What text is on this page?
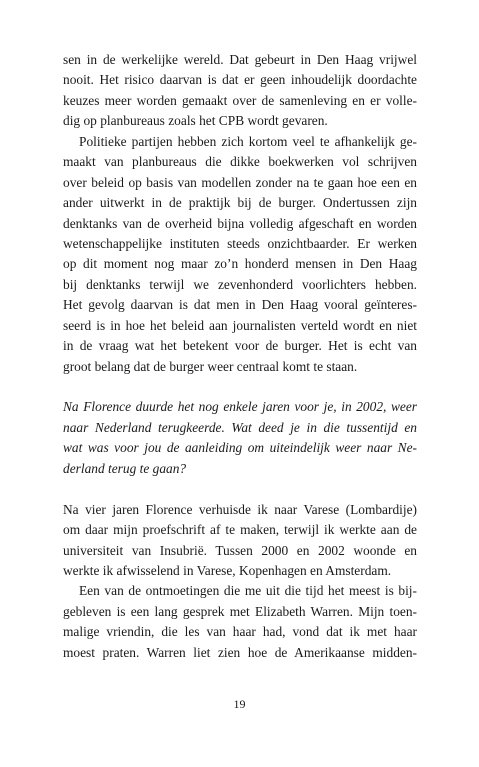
sen in de werkelijke wereld. Dat gebeurt in Den Haag vrijwel
nooit. Het risico daarvan is dat er geen inhoudelijk doordachte
keuzes meer worden gemaakt over de samenleving en er volle-
dig op planbureaus zoals het CPB wordt gevaren.
Politieke partijen hebben zich kortom veel te afhankelijk ge-
maakt van planbureaus die dikke boekwerken vol schrijven
over beleid op basis van modellen zonder na te gaan hoe een en
ander uitwerkt in de praktijk bij de burger. Ondertussen zijn
denktanks van de overheid bijna volledig afgeschaft en worden
wetenschappelijke instituten steeds onzichtbaarder. Er werken
op dit moment nog maar zo’n honderd mensen in Den Haag
bij denktanks terwijl we zevenhonderd voorlichters hebben.
Het gevolg daarvan is dat men in Den Haag vooral geïnteres-
seerd is in hoe het beleid aan journalisten verteld wordt en niet
in de vraag wat het betekent voor de burger. Het is echt van
groot belang dat de burger weer centraal komt te staan.
Na Florence duurde het nog enkele jaren voor je, in 2002, weer
naar Nederland terugkeerde. Wat deed je in die tussentijd en
wat was voor jou de aanleiding om uiteindelijk weer naar Ne-
derland terug te gaan?
Na vier jaren Florence verhuisde ik naar Varese (Lombardije)
om daar mijn proefschrift af te maken, terwijl ik werkte aan de
universiteit van Insubrië. Tussen 2000 en 2002 woonde en
werkte ik afwisselend in Varese, Kopenhagen en Amsterdam.
Een van de ontmoetingen die me uit die tijd het meest is bij-
gebleven is een lang gesprek met Elizabeth Warren. Mijn toen-
malige vriendin, die les van haar had, vond dat ik met haar
moest praten. Warren liet zien hoe de Amerikaanse midden-
19
